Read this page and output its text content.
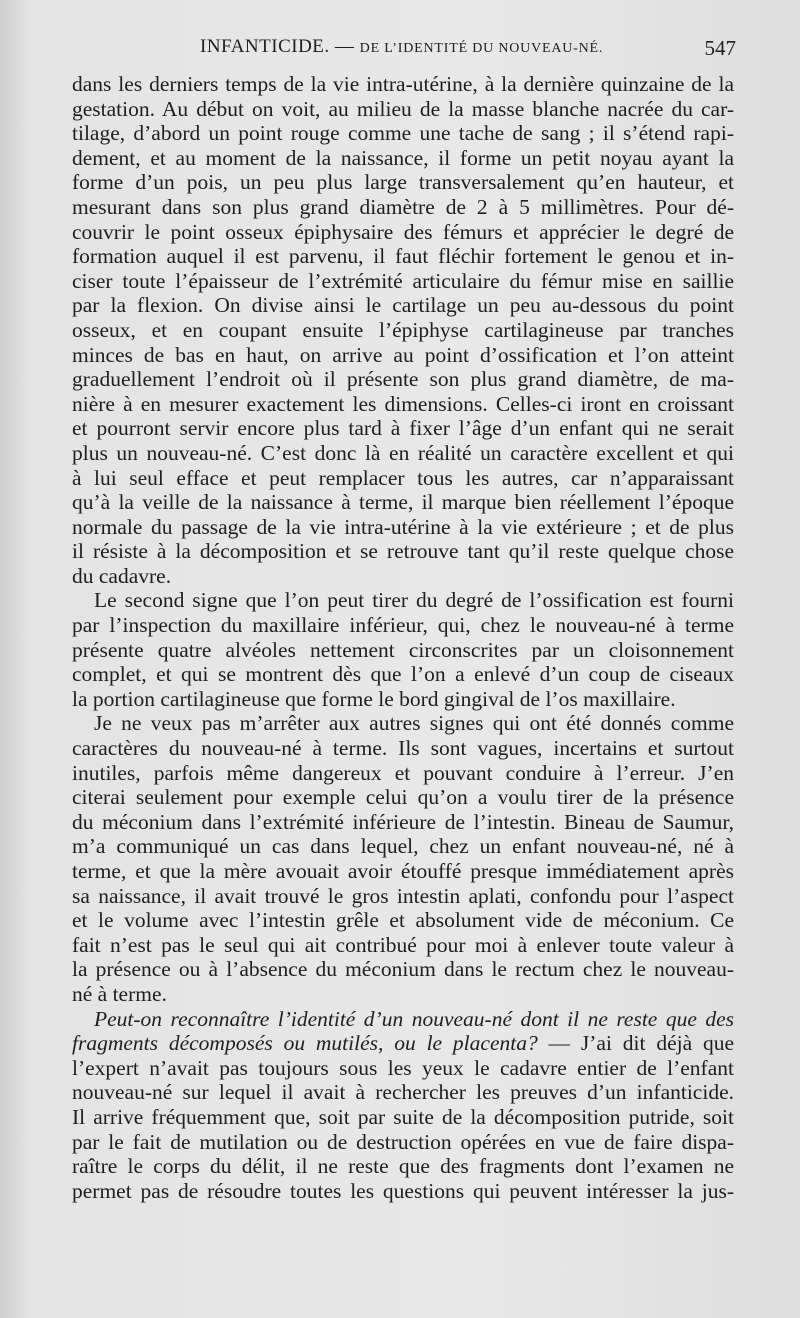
INFANTICIDE. — DE L’IDENTITÉ DU NOUVEAU-NÉ.	547
dans les derniers temps de la vie intra-utérine, à la dernière quinzaine de la
gestation. Au début on voit, au milieu de la masse blanche nacrée du car-
tilage, d’abord un point rouge comme une tache de sang ; il s’étend rapi-
dement, et au moment de la naissance, il forme un petit noyau ayant la
forme d’un pois, un peu plus large transversalement qu’en hauteur, et
mesurant dans son plus grand diamètre de 2 à 5 millimètres. Pour dé-
couvrir le point osseux épiphysaire des fémurs et apprécier le degré de
formation auquel il est parvenu, il faut fléchir fortement le genou et in-
ciser toute l’épaisseur de l’extrémité articulaire du fémur mise en saillie
par la flexion. On divise ainsi le cartilage un peu au-dessous du point
osseux, et en coupant ensuite l’épiphyse cartilagineuse par tranches
minces de bas en haut, on arrive au point d’ossification et l’on atteint
graduellement l’endroit où il présente son plus grand diamètre, de ma-
nière à en mesurer exactement les dimensions. Celles-ci iront en croissant
et pourront servir encore plus tard à fixer l’âge d’un enfant qui ne serait
plus un nouveau-né. C’est donc là en réalité un caractère excellent et qui
à lui seul efface et peut remplacer tous les autres, car n’apparaissant
qu’à la veille de la naissance à terme, il marque bien réellement l’époque
normale du passage de la vie intra-utérine à la vie extérieure ; et de plus
il résiste à la décomposition et se retrouve tant qu’il reste quelque chose
du cadavre.
Le second signe que l’on peut tirer du degré de l’ossification est fourni
par l’inspection du maxillaire inférieur, qui, chez le nouveau-né à terme
présente quatre alvéoles nettement circonscrites par un cloisonnement
complet, et qui se montrent dès que l’on a enlevé d’un coup de ciseaux
la portion cartilagineuse que forme le bord gingival de l’os maxillaire.
Je ne veux pas m’arrêter aux autres signes qui ont été donnés comme
caractères du nouveau-né à terme. Ils sont vagues, incertains et surtout
inutiles, parfois même dangereux et pouvant conduire à l’erreur. J’en
citerai seulement pour exemple celui qu’on a voulu tirer de la présence
du méconium dans l’extrémité inférieure de l’intestin. Bineau de Saumur,
m’a communiqué un cas dans lequel, chez un enfant nouveau-né, né à
terme, et que la mère avouait avoir étouffé presque immédiatement après
sa naissance, il avait trouvé le gros intestin aplati, confondu pour l’aspect
et le volume avec l’intestin grêle et absolument vide de méconium. Ce
fait n’est pas le seul qui ait contribué pour moi à enlever toute valeur à
la présence ou à l’absence du méconium dans le rectum chez le nouveau-
né à terme.
Peut-on reconnaître l’identité d’un nouveau-né dont il ne reste que des
fragments décomposés ou mutilés, ou le placenta? — J’ai dit déjà que
l’expert n’avait pas toujours sous les yeux le cadavre entier de l’enfant
nouveau-né sur lequel il avait à rechercher les preuves d’un infanticide.
Il arrive fréquemment que, soit par suite de la décomposition putride, soit
par le fait de mutilation ou de destruction opérées en vue de faire dispa-
raître le corps du délit, il ne reste que des fragments dont l’examen ne
permet pas de résoudre toutes les questions qui peuvent intéresser la jus-
